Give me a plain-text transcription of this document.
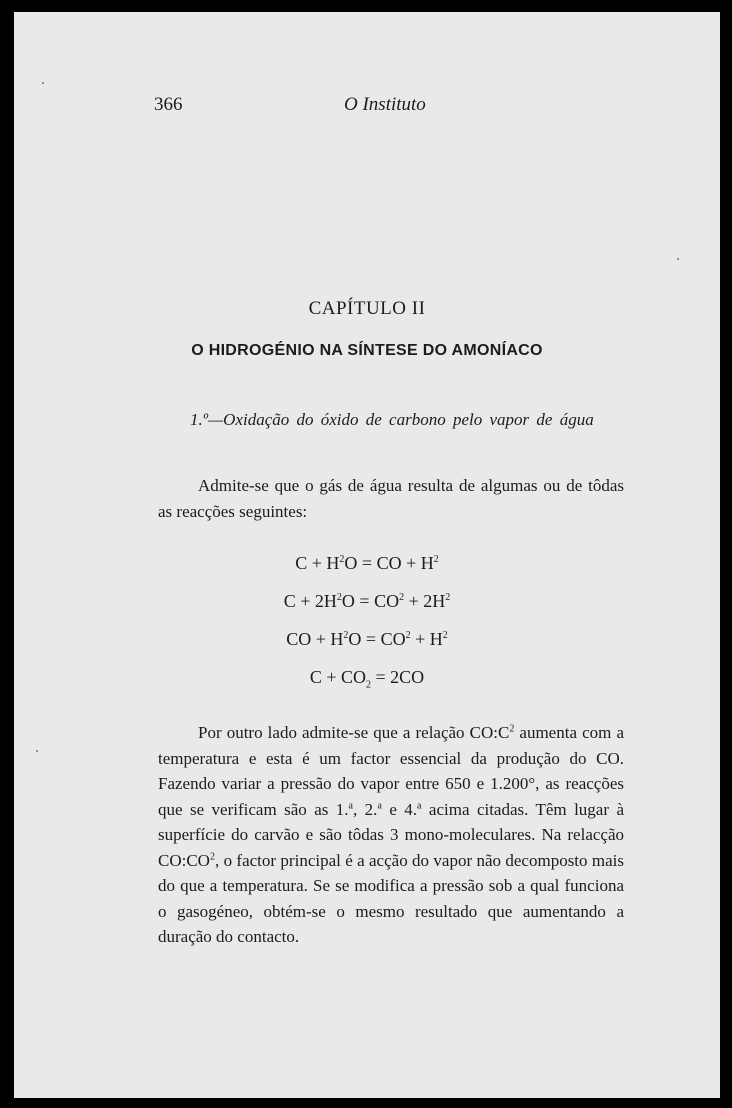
366	O Instituto
CAPÍTULO II
O HIDROGÉNIO NA SÍNTESE DO AMONÍACO
1.º—Oxidação do óxido de carbono pelo vapor de água

Admite-se que o gás de água resulta de algumas ou de tôdas as reacções seguintes:

$C + H^2O$ = CO + $H^2$
$C + 2H^2O = CO^2 + 2H^2$
CO + $H^2O = CO^2 + H^2$
$C + CO_2 = 2CO$

Por outro lado admite-se que a relação $CO:C^2$ aumenta com a temperatura e esta é um factor essencial da produção do CO. Fazendo variar a pressão do vapor entre 650 e 1.200°, as reacções que se verificam são as 1.$^a$, 2.$^a$ e 4.$^a$ acima citadas. Têm lugar à superfície do carvão e são tôdas 3 mono-moleculares. Na relacção $CO:CO^2$, o factor principal é a acção do vapor não decomposto mais do que a temperatura. Se se modifica a pressão sob a qual funciona o gasogéneo, obtém-se o mesmo resultado que aumentando a duração do contacto.
